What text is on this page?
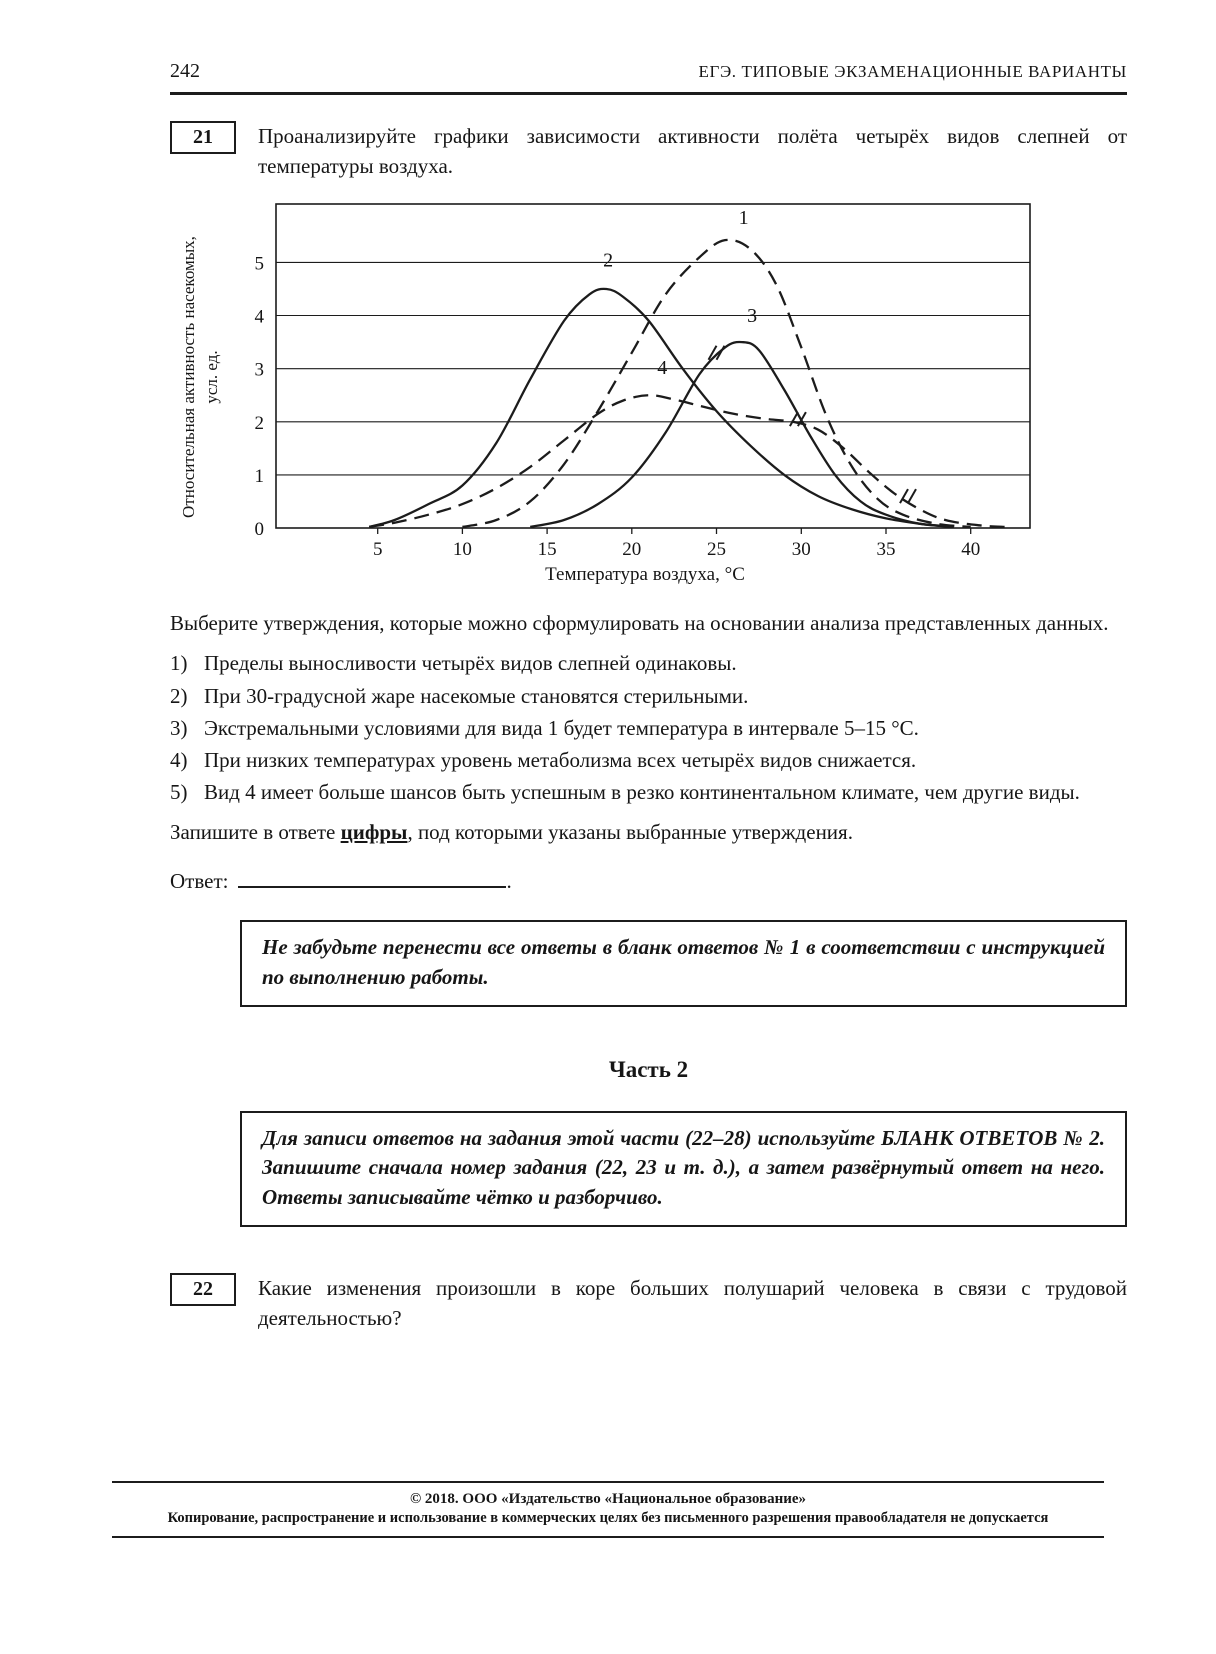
242	ЕГЭ. ТИПОВЫЕ ЭКЗАМЕНАЦИОННЫЕ ВАРИАНТЫ
21	Проанализируйте графики зависимости активности полёта четырёх видов слепней от температуры воздуха.

Относительная активность насекомых, усл. ед.
0
1
2
3
4
5
5	10	15	20	25	30	35	40
1
2
3
4
Температура воздуха, °С

Выберите утверждения, которые можно сформулировать на основании анализа представленных данных.

1) Пределы выносливости четырёх видов слепней одинаковы.
2) При 30-градусной жаре насекомые становятся стерильными.
3) Экстремальными условиями для вида 1 будет температура в интервале 5–15 °С.
4) При низких температурах уровень метаболизма всех четырёх видов снижается.
5) Вид 4 имеет больше шансов быть успешным в резко континентальном климате, чем другие виды.

Запишите в ответе цифры, под которыми указаны выбранные утверждения.

Ответ:	.

Не забудьте перенести все ответы в бланк ответов № 1 в соответствии с инструкцией по выполнению работы.

Часть 2

Для записи ответов на задания этой части (22–28) используйте БЛАНК ОТВЕТОВ № 2. Запишите сначала номер задания (22, 23 и т. д.), а затем развёрнутый ответ на него. Ответы записывайте чётко и разборчиво.

22	Какие изменения произошли в коре больших полушарий человека в связи с трудовой деятельностью?

© 2018. ООО «Издательство «Национальное образование»
Копирование, распространение и использование в коммерческих целях без письменного разрешения правообладателя не допускается
